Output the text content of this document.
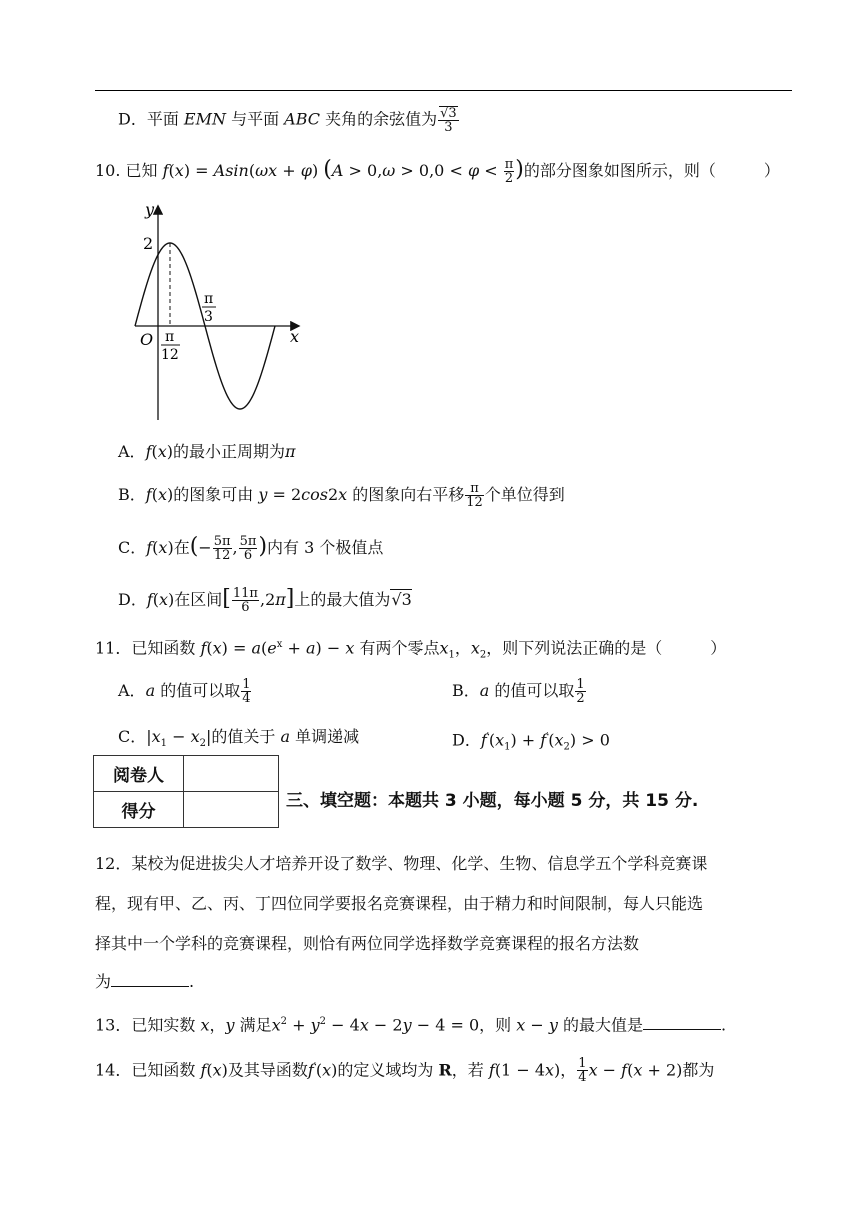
D．平面 EMN 与平面 ABC 夹角的余弦值为 $\frac{√3}{3}$
10. 已知 f(x) = Asin(ωx + φ) ($A > 0,\omega > 0,0 < \varphi < \frac{\pi}{2}$ )的部分图象如图所示，则（　　　）
y
x
O
2
π
12
π
3
A．f(x)的最小正周期为π
B．f(x)的图象可由 y = 2cos2x 的图象向右平移 $\frac{\pi}{12}$ 个单位得到
C．f(x)在(− $\frac{5\pi}{12}$ , $\frac{5\pi}{6}$ )内有 3 个极值点
D．f(x)在区间[ $\frac{11\pi}{6} ,2\pi$]上的最大值为√3
11．已知函数 $f(x) = a(e^x + a) - x$ 有两个零点$x_1$，$x_2$，则下列说法正确的是（　　　）
A．a 的值可以取 $\frac{1}{4}$	B．a 的值可以取 $\frac{1}{2}$
C．$|x_1 - x_2|$的值关于 a 单调递减	D．$f'(x_1) + f'(x_2) > 0$
阅卷人	
得分	
三、填空题：本题共 3 小题，每小题 5 分，共 15 分.
12．某校为促进拔尖人才培养开设了数学、物理、化学、生物、信息学五个学科竞赛课
程，现有甲、乙、丙、丁四位同学要报名竞赛课程，由于精力和时间限制，每人只能选
择其中一个学科的竞赛课程，则恰有两位同学选择数学竞赛课程的报名方法数
为	.
13．已知实数 x，y 满足$x^2 + y^2 - 4x - 2y - 4 = 0$，则 x − y 的最大值是	.
14．已知函数 f(x)及其导函数f′(x)的定义域均为 R，若 f(1 − 4x)， $\frac{1}{4}$ x − f(x + 2)都为
